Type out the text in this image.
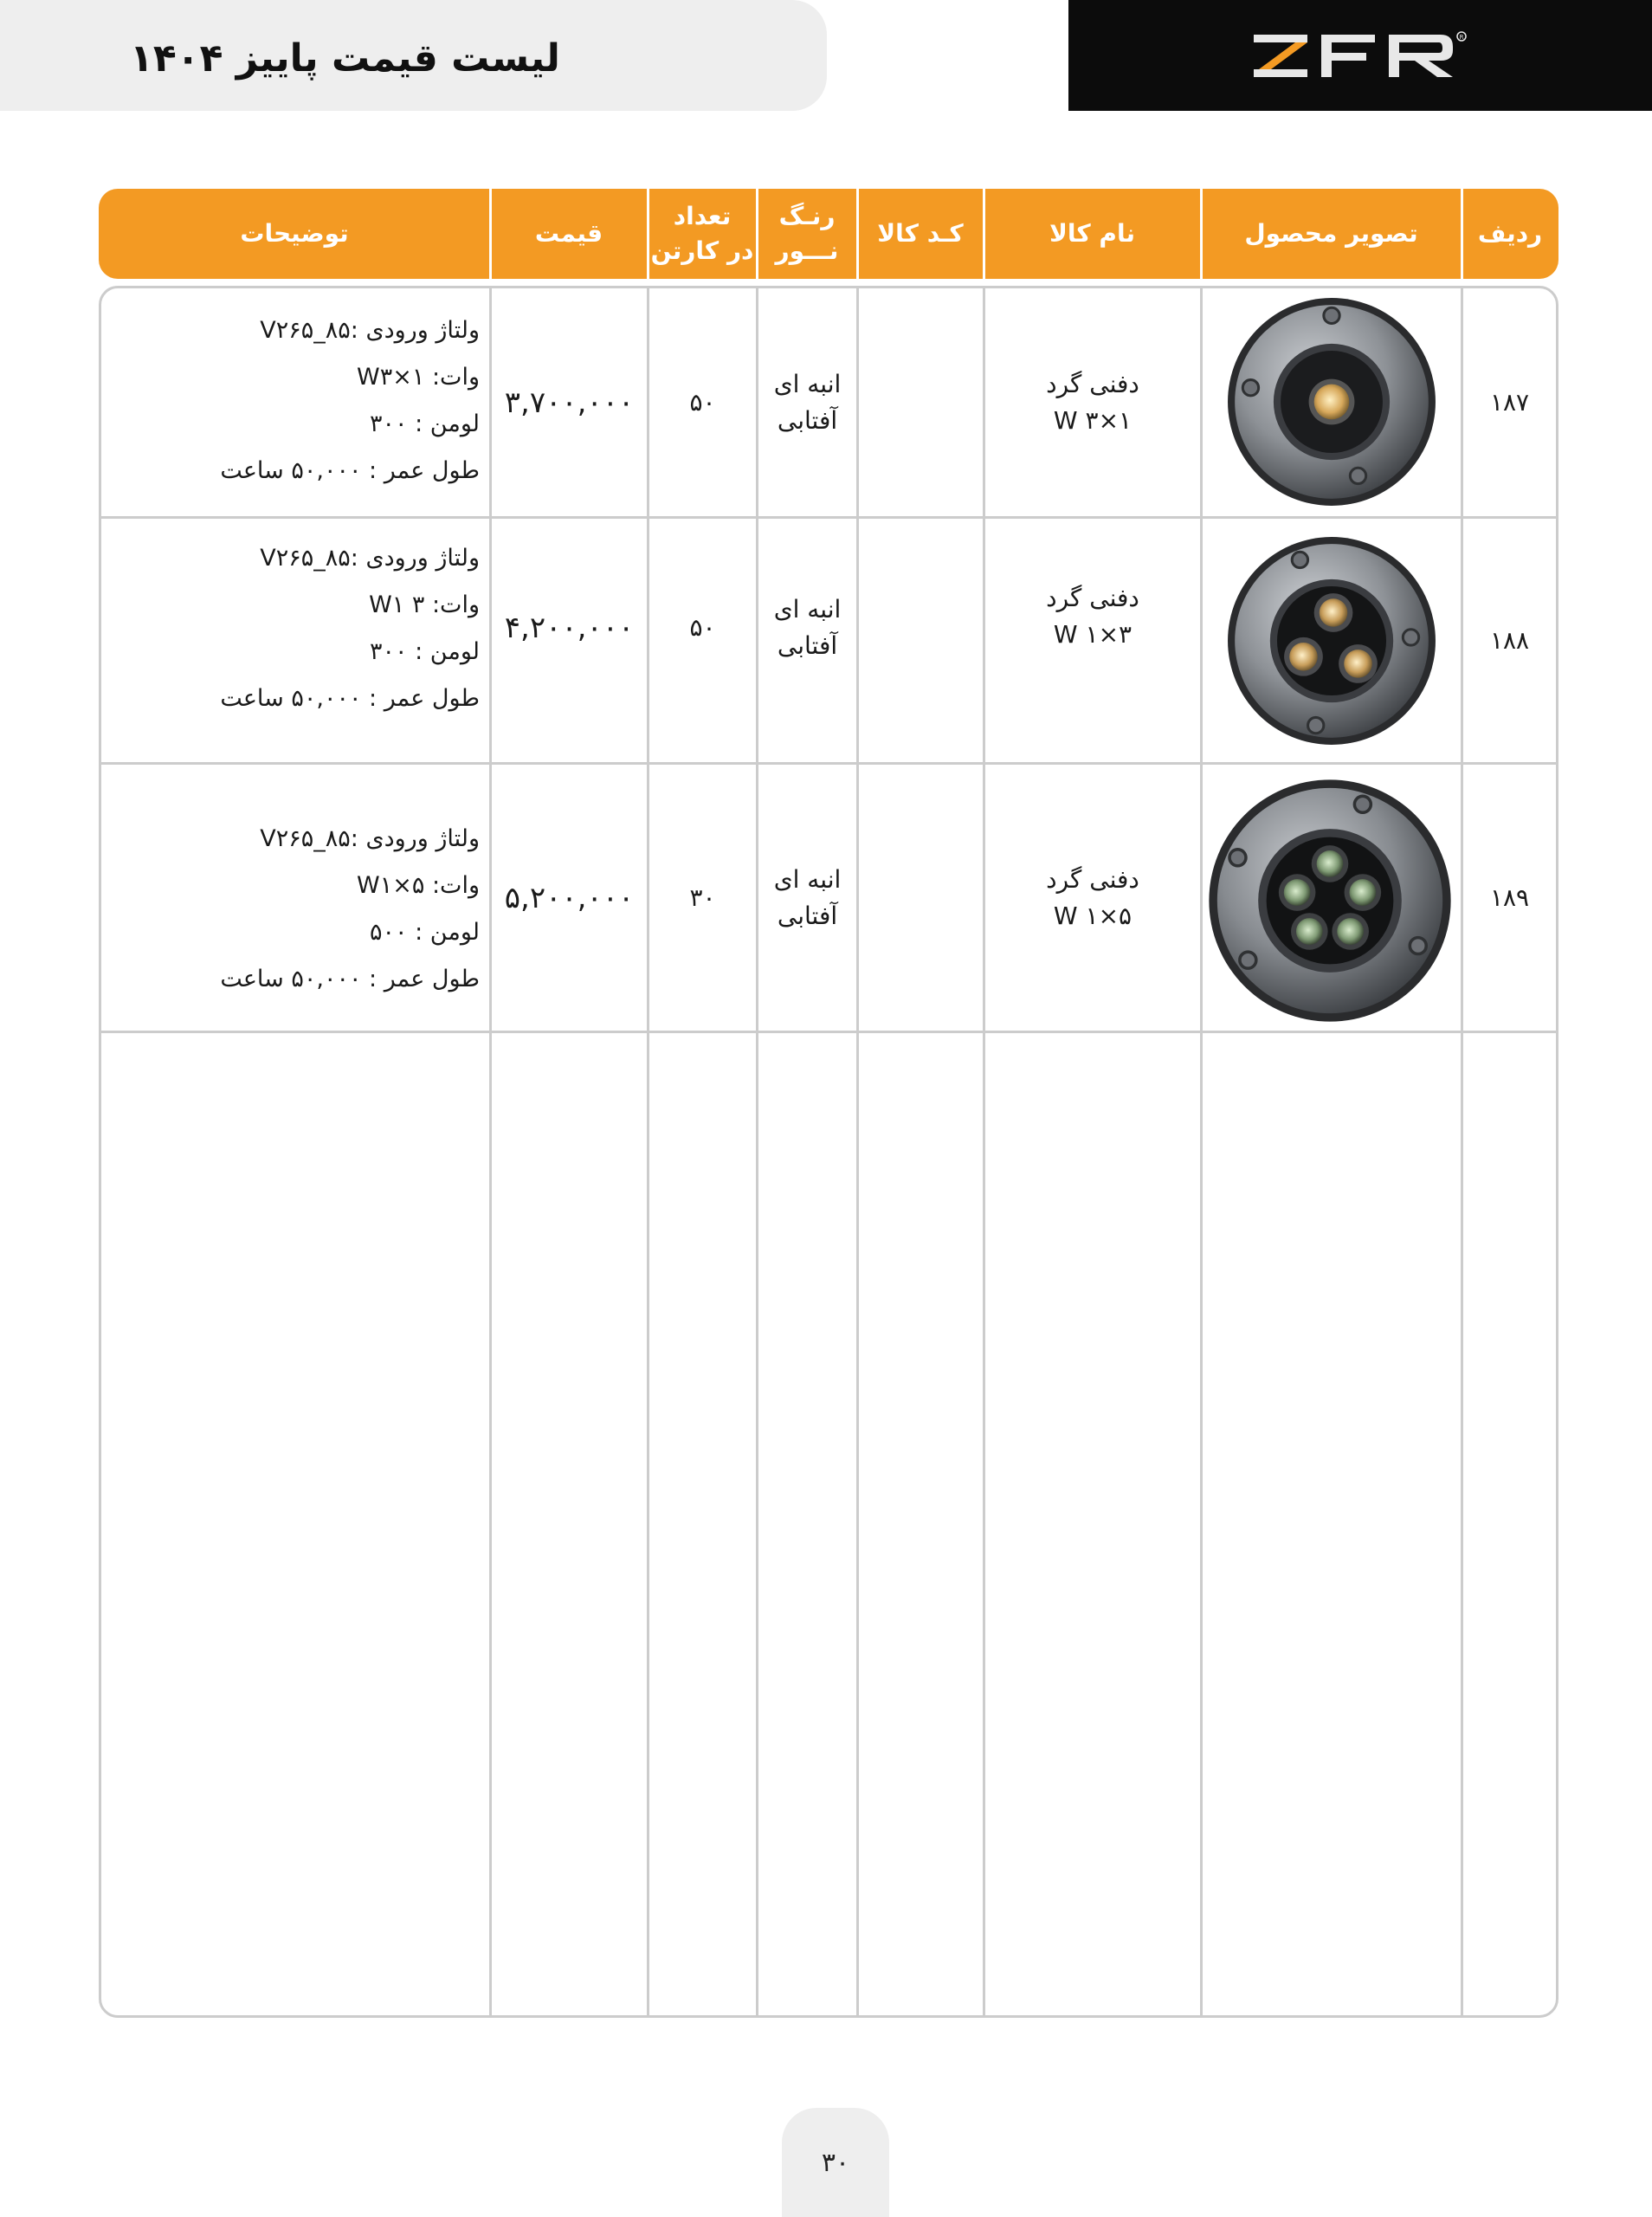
لیست قیمت پاییز ۱۴۰۴	R
ردیف
تصویر محصول
نام کالا
کـد کالا
رنـگ
نـــور
تعداد
در کارتن
قیمت
توضیحات
۱۸۷
دفنی گرد
۱×۳ W
انبه ای
آفتابی
۵۰
۳,۷۰۰,۰۰۰
ولتاژ ورودی :V۲۶۵_۸۵
وات: W۳×۱
لومن : ۳۰۰
طول عمر : ۵۰,۰۰۰ ساعت
۱۸۸
دفنی گرد
۳×۱ W
انبه ای
آفتابی
۵۰
۴,۲۰۰,۰۰۰
ولتاژ ورودی :V۲۶۵_۸۵
وات: W۱ ۳
لومن : ۳۰۰
طول عمر : ۵۰,۰۰۰ ساعت
۱۸۹
دفنی گرد
۵×۱ W
انبه ای
آفتابی
۳۰
۵,۲۰۰,۰۰۰
ولتاژ ورودی :V۲۶۵_۸۵
وات: W۱×۵
لومن : ۵۰۰
طول عمر : ۵۰,۰۰۰ ساعت
۳۰
